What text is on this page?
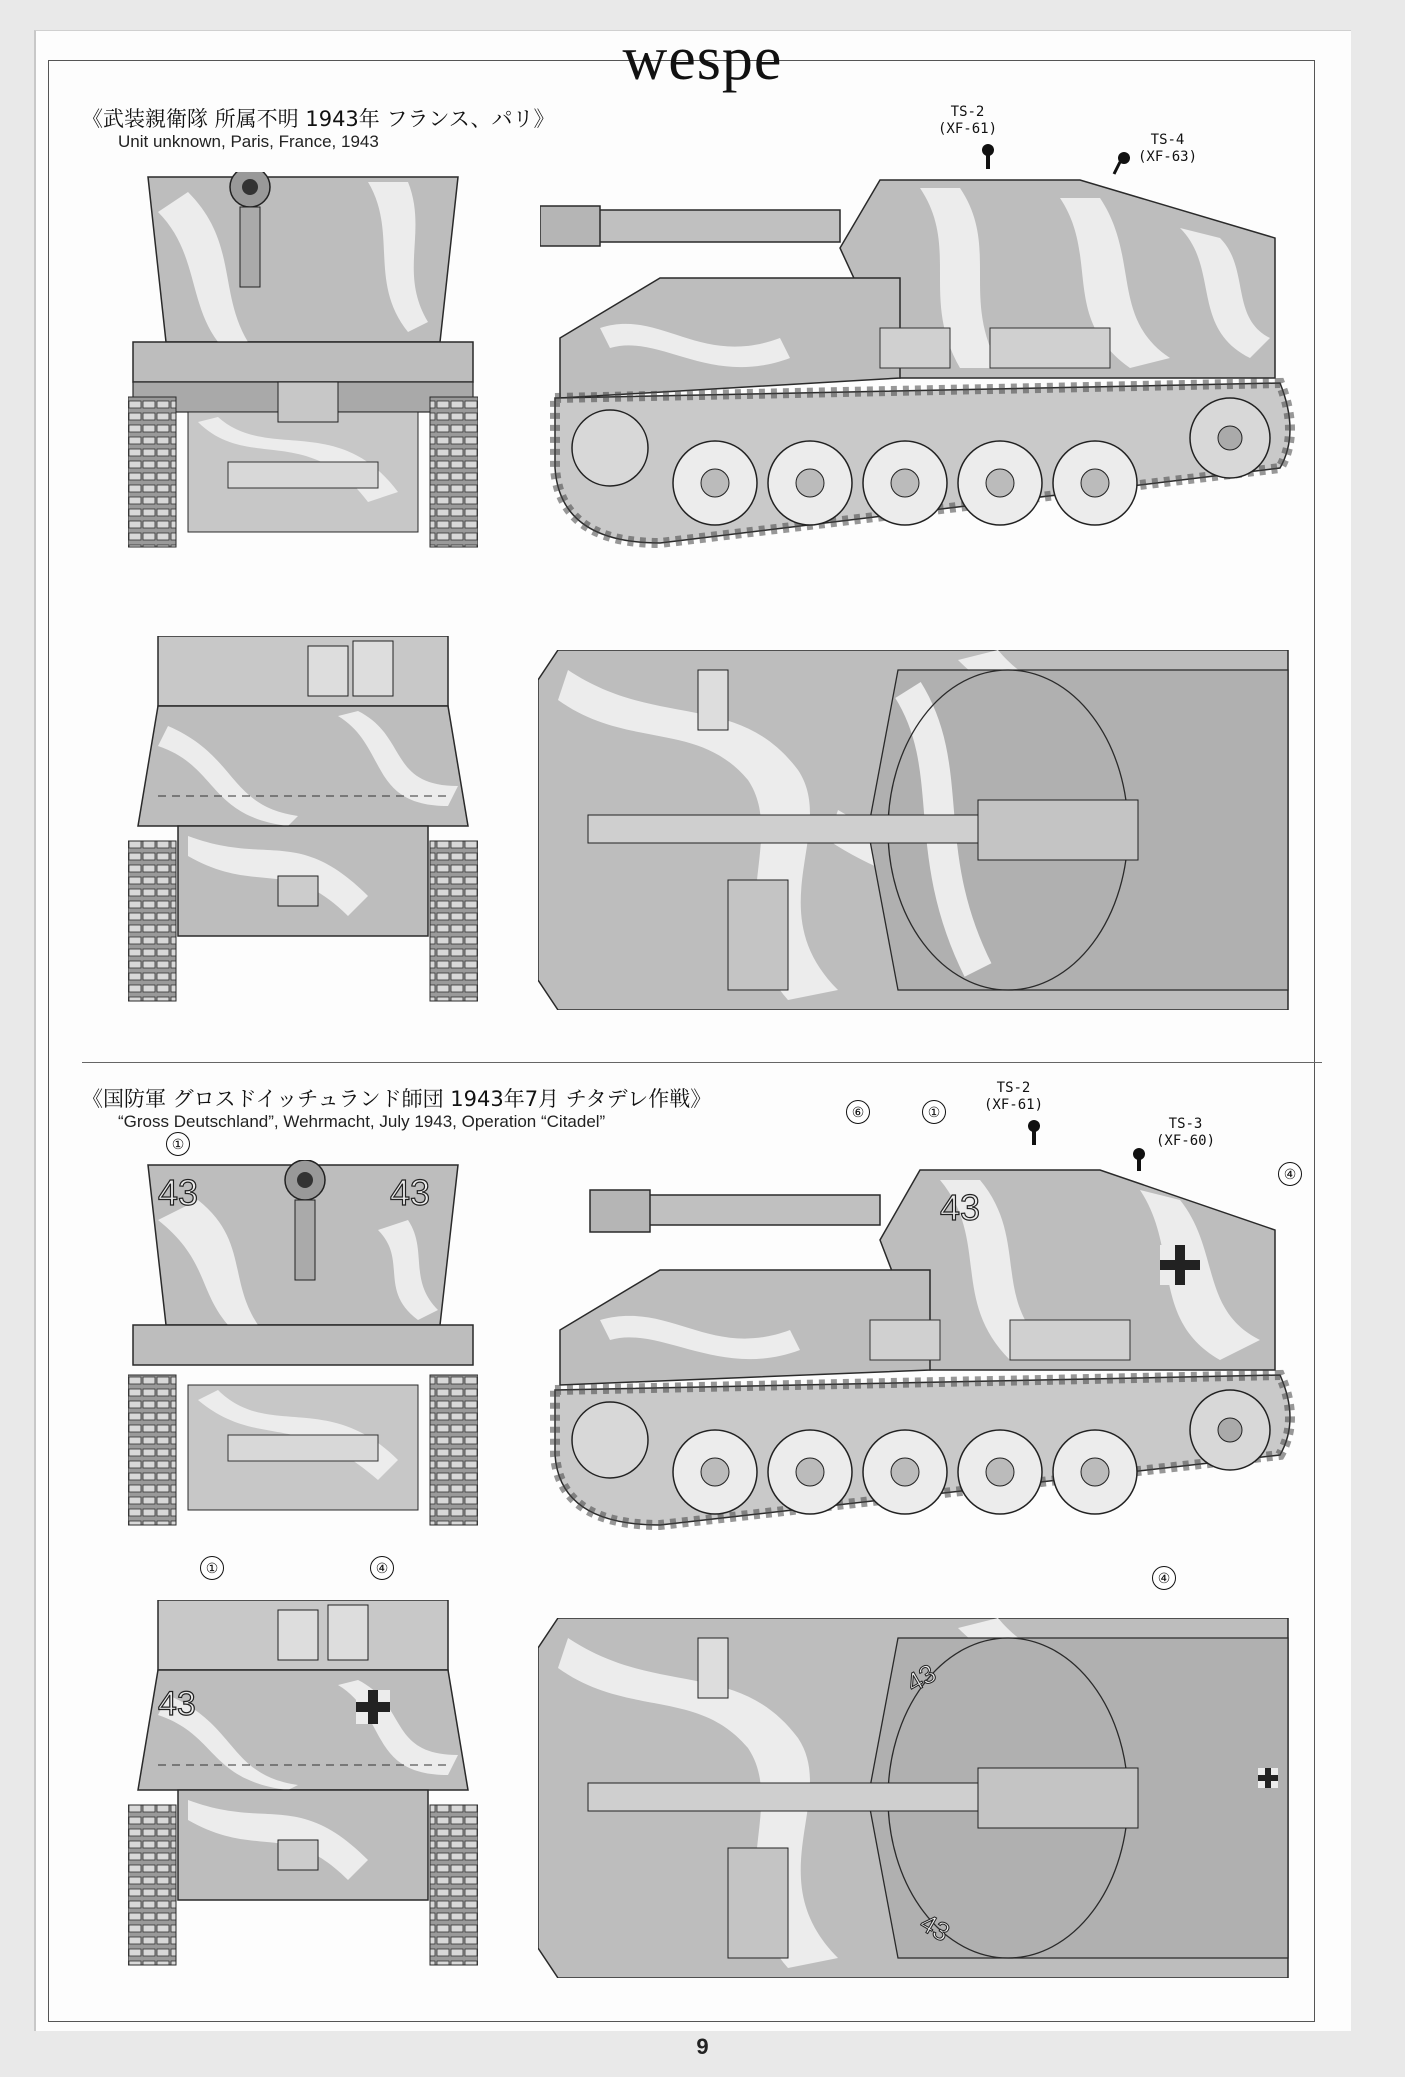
wespe
《武装親衛隊 所属不明 1943年 フランス、パリ》
Unit unknown, Paris, France, 1943
TS-2
(XF-61)
TS-4
(XF-63)
《国防軍 グロスドイッチュランド師団 1943年7月 チタデレ作戦》
“Gross Deutschland”, Wehrmacht, July 1943, Operation “Citadel”
TS-2
(XF-61)
TS-3
(XF-60)
①
⑥	①
④
①	④
④
43	43	43
43
43
43
9
